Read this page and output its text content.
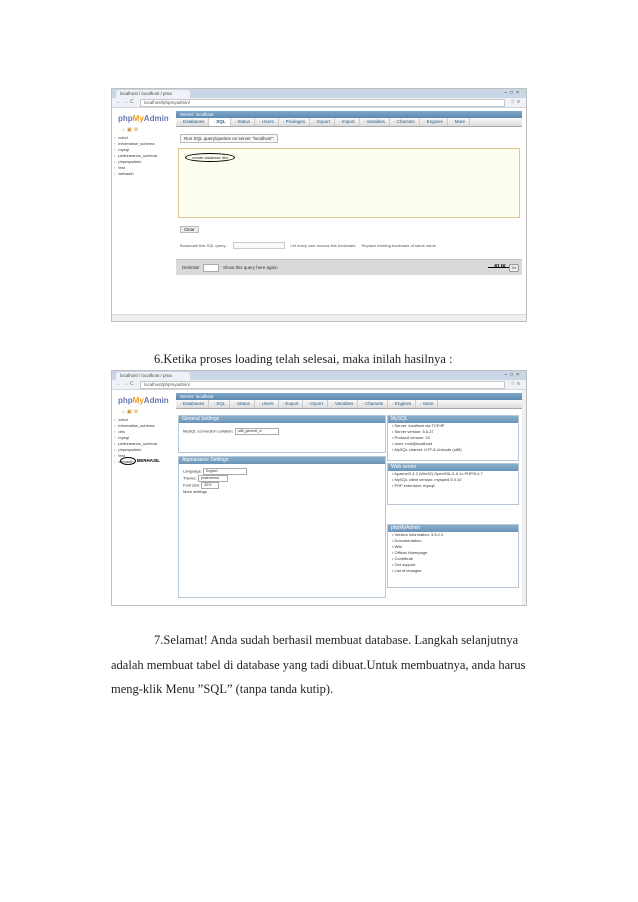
localhost / localhost / pma	–□×
←→C	localhost/phpmyadmin/	☆≡
phpMyAdmin
⌂▣⚙
▪ cdcol
▪ information_schema
▪ mysql
▪ performance_schema
▪ phpmyadmin
▪ test
▪ webauth
Server: localhost
▫ Databases	▫ SQL	▫ Status	▫ Users	▫ Privileges	▫ Export	▫ Import	▫ Variables	▫ Charsets	▫ Engines	▫ More
Run SQL query/queries on server "localhost":
create database dhs
Clear
Bookmark this SQL query:	Let every user access this bookmark Replace existing bookmark of same name
Delimiter	Show this query here again	Go
6.Ketika proses loading telah selesai, maka inilah hasilnya :
localhost / localhost / pma	–□×
←→C	localhost/phpmyadmin/	☆≡
phpMyAdmin
⌂▣⚙
▪ cdcol
▪ information_schema
▪ dhs
▪ mysql
▪ performance_schema
▪ phpmyadmin
▪ test
▪ webauth BERHASIL
Server: localhost
▫ Databases	▫ SQL	▫ Status	▫ Users	▫ Export	▫ Import	▫ Variables	▫ Charsets	▫ Engines	▫ More
General Settings
MySQL connection collation: utf8_general_ci
Appearance Settings
Language: English
Theme: pmahomme
Font size: 82%
More settings
MySQL
• Server: localhost via TCP/IP
• Server version: 5.5.27
• Protocol version: 10
• User: root@localhost
• MySQL charset: UTF-8 Unicode (utf8)
Web server
• Apache/2.4.3 (Win32) OpenSSL/1.0.1c PHP/5.4.7
• MySQL client version: mysqlnd 5.0.10
• PHP extension: mysqli
phpMyAdmin
• Version information: 3.5.2.2
• Documentation
• Wiki
• Official Homepage
• Contribute
• Get support
• List of changes
7.Selamat! Anda sudah berhasil membuat database. Langkah selanjutnya
adalah membuat tabel di database yang tadi dibuat.Untuk membuatnya, anda harus
meng-klik Menu ”SQL” (tanpa tanda kutip).
